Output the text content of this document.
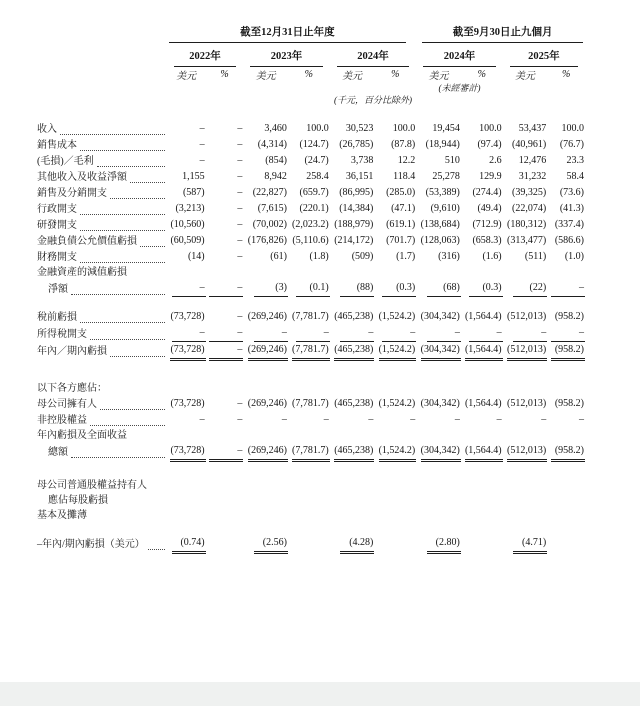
	截至12月31日止年度						截至9月30日止九個月			

	2022年		2023年		2024年		2024年		2025年	

	美元	%	美元	%	美元	%	美元	%	美元	%
							(未經審計)			
					(千元，百分比除外)					

收入	–	–	3,460	100.0	30,523	100.0	19,454	100.0	53,437	100.0

銷售成本	–	–	(4,314)	(124.7)	(26,785)	(87.8)	(18,944)	(97.4)	(40,961)	(76.7)

(毛損)／毛利	–	–	(854)	(24.7)	3,738	12.2	510	2.6	12,476	23.3

其他收入及收益淨額	1,155	–	8,942	258.4	36,151	118.4	25,278	129.9	31,232	58.4

銷售及分銷開支	(587)	–	(22,827)	(659.7)	(86,995)	(285.0)	(53,389)	(274.4)	(39,325)	(73.6)

行政開支	(3,213)	–	(7,615)	(220.1)	(14,384)	(47.1)	(9,610)	(49.4)	(22,074)	(41.3)

研發開支	(10,560)	–	(70,002)	(2,023.2)	(188,979)	(619.1)	(138,684)	(712.9)	(180,312)	(337.4)

金融負債公允價值虧損	(60,509)	–	(176,826)	(5,110.6)	(214,172)	(701.7)	(128,063)	(658.3)	(313,477)	(586.6)

財務開支	(14)	–	(61)	(1.8)	(509)	(1.7)	(316)	(1.6)	(511)	(1.0)

金融資產的減值虧損										

淨額	–	–	(3)	(0.1)	(88)	(0.3)	(68)	(0.3)	(22)	–

稅前虧損	(73,728)	–	(269,246)	(7,781.7)	(465,238)	(1,524.2)	(304,342)	(1,564.4)	(512,013)	(958.2)

所得稅開支	–	–	–	–	–	–	–	–	–	–

年內／期內虧損	(73,728)	–	(269,246)	(7,781.7)	(465,238)	(1,524.2)	(304,342)	(1,564.4)	(512,013)	(958.2)

以下各方應佔：										

母公司擁有人	(73,728)	–	(269,246)	(7,781.7)	(465,238)	(1,524.2)	(304,342)	(1,564.4)	(512,013)	(958.2)

非控股權益	–	–	–	–	–	–	–	–	–	–

年內虧損及全面收益										

總額	(73,728)	–	(269,246)	(7,781.7)	(465,238)	(1,524.2)	(304,342)	(1,564.4)	(512,013)	(958.2)

母公司普通股權益持有人										

應佔每股虧損										

基本及攤薄										

–年內/期內虧損（美元）	(0.74)		(2.56)		(4.28)		(2.80)		(4.71)	
